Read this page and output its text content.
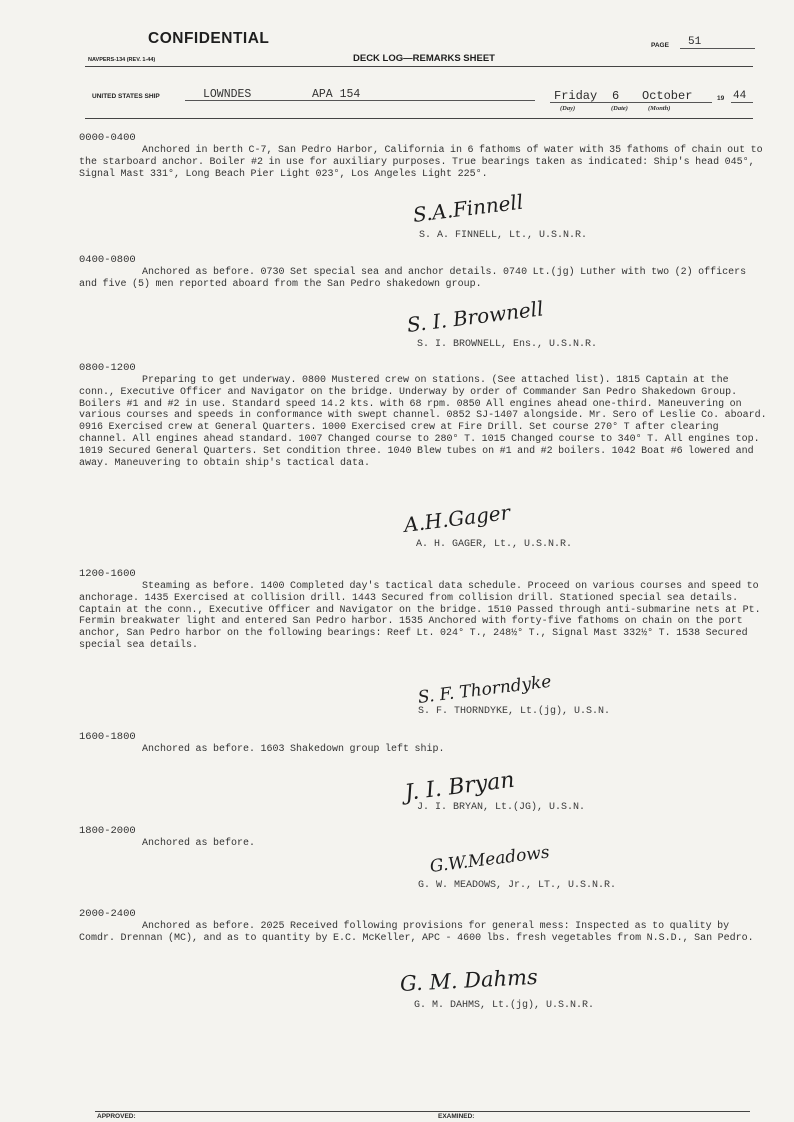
CONFIDENTIAL
NAVPERS-134 (REV. 1-44)	DECK LOG—REMARKS SHEET
PAGE 51
UNITED STATES SHIP	LOWNDES	APA 154	Friday 6 October	19 44
(Day)	(Date)	(Month)
0000-0400

Anchored in berth C-7, San Pedro Harbor, California in 6 fathoms of water with 35 fathoms of chain out to the starboard anchor. Boiler #2 in use for auxiliary purposes. True bearings taken as indicated: Ship's head 045°, Signal Mast 331°, Long Beach Pier Light 023°, Los Angeles Light 225°.

S.A.Finnell
S. A. FINNELL, Lt., U.S.N.R.
0400-0800

Anchored as before. 0730 Set special sea and anchor details. 0740 Lt.(jg) Luther with two (2) officers and five (5) men reported aboard from the San Pedro shakedown group.

S. I. Brownell
S. I. BROWNELL, Ens., U.S.N.R.
0800-1200

Preparing to get underway. 0800 Mustered crew on stations. (See attached list). 1815 Captain at the conn., Executive Officer and Navigator on the bridge. Underway by order of Commander San Pedro Shakedown Group. Boilers #1 and #2 in use. Standard speed 14.2 kts. with 68 rpm. 0850 All engines ahead one-third. Maneuvering on various courses and speeds in conformance with swept channel. 0852 SJ-1407 alongside. Mr. Sero of Leslie Co. aboard. 0916 Exercised crew at General Quarters. 1000 Exercised crew at Fire Drill. Set course 270° T after clearing channel. All engines ahead standard. 1007 Changed course to 280° T. 1015 Changed course to 340° T. All engines top. 1019 Secured General Quarters. Set condition three. 1040 Blew tubes on #1 and #2 boilers. 1042 Boat #6 lowered and away. Maneuvering to obtain ship's tactical data.

A.H.Gager
A. H. GAGER, Lt., U.S.N.R.
1200-1600

Steaming as before. 1400 Completed day's tactical data schedule. Proceed on various courses and speed to anchorage. 1435 Exercised at collision drill. 1443 Secured from collision drill. Stationed special sea details. Captain at the conn., Executive Officer and Navigator on the bridge. 1510 Passed through anti-submarine nets at Pt. Fermin breakwater light and entered San Pedro harbor. 1535 Anchored with forty-five fathoms on chain on the port anchor, San Pedro harbor on the following bearings: Reef Lt. 024° T., 248½° T., Signal Mast 332½° T. 1538 Secured special sea details.

S. F. Thorndyke
S. F. THORNDYKE, Lt.(jg), U.S.N.
1600-1800

Anchored as before. 1603 Shakedown group left ship.

J. I. Bryan
J. I. BRYAN, Lt.(JG), U.S.N.
1800-2000

Anchored as before.	G.W.Meadows
G. W. MEADOWS, Jr., LT., U.S.N.R.
2000-2400

Anchored as before. 2025 Received following provisions for general mess: Inspected as to quality by Comdr. Drennan (MC), and as to quantity by E.C. McKeller, APC - 4600 lbs. fresh vegetables from N.S.D., San Pedro.

G. M. Dahms
G. M. DAHMS, Lt.(jg), U.S.N.R.
APPROVED:	EXAMINED:
